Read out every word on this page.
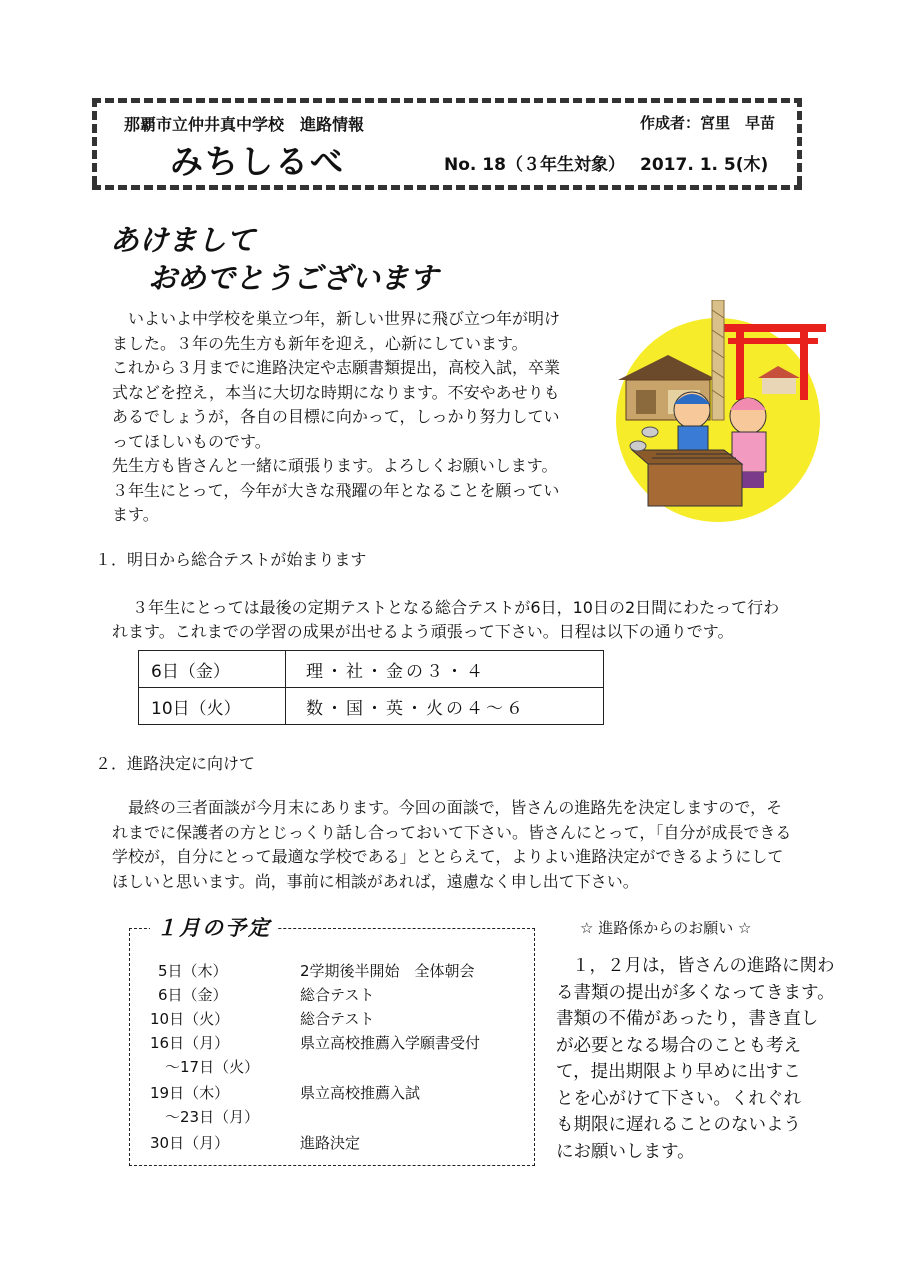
那覇市立仲井真中学校　進路情報	作成者：宮里　早苗
みちしるべ	No. 18（３年生対象） 2017. 1. 5(木)
あけまして
おめでとうございます
いよいよ中学校を巣立つ年，新しい世界に飛び立つ年が明け
ました。３年の先生方も新年を迎え，心新にしています。
これから３月までに進路決定や志願書類提出，高校入試，卒業
式などを控え，本当に大切な時期になります。不安やあせりも
あるでしょうが，各自の目標に向かって，しっかり努力してい
ってほしいものです。
先生方も皆さんと一緒に頑張ります。よろしくお願いします。
３年生にとって，今年が大きな飛躍の年となることを願ってい
ます。
１．明日から総合テストが始まります
３年生にとっては最後の定期テストとなる総合テストが6日，10日の2日間にわたって行わ
れます。これまでの学習の成果が出せるよう頑張って下さい。日程は以下の通りです。
6日（金）	理・社・金の３・４
10日（火）	数・国・英・火の４～６
２．進路決定に向けて
最終の三者面談が今月末にあります。今回の面談で，皆さんの進路先を決定しますので，そ
れまでに保護者の方とじっくり話し合っておいて下さい。皆さんにとって，「自分が成長できる
学校が，自分にとって最適な学校である」ととらえて，よりよい進路決定ができるようにして
ほしいと思います。尚，事前に相談があれば，遠慮なく申し出て下さい。
１月の予定
5日（木）	2学期後半開始　全体朝会
6日（金）	総合テスト
10日（火）	総合テスト
16日（月）	県立高校推薦入学願書受付
～17日（火）
19日（木）	県立高校推薦入試
～23日（月）
30日（月）	進路決定
☆ 進路係からのお願い ☆
１，２月は，皆さんの進路に関わ
る書類の提出が多くなってきます。
書類の不備があったり，書き直し
が必要となる場合のことも考え
て，提出期限より早めに出すこ
とを心がけて下さい。くれぐれ
も期限に遅れることのないよう
にお願いします。
